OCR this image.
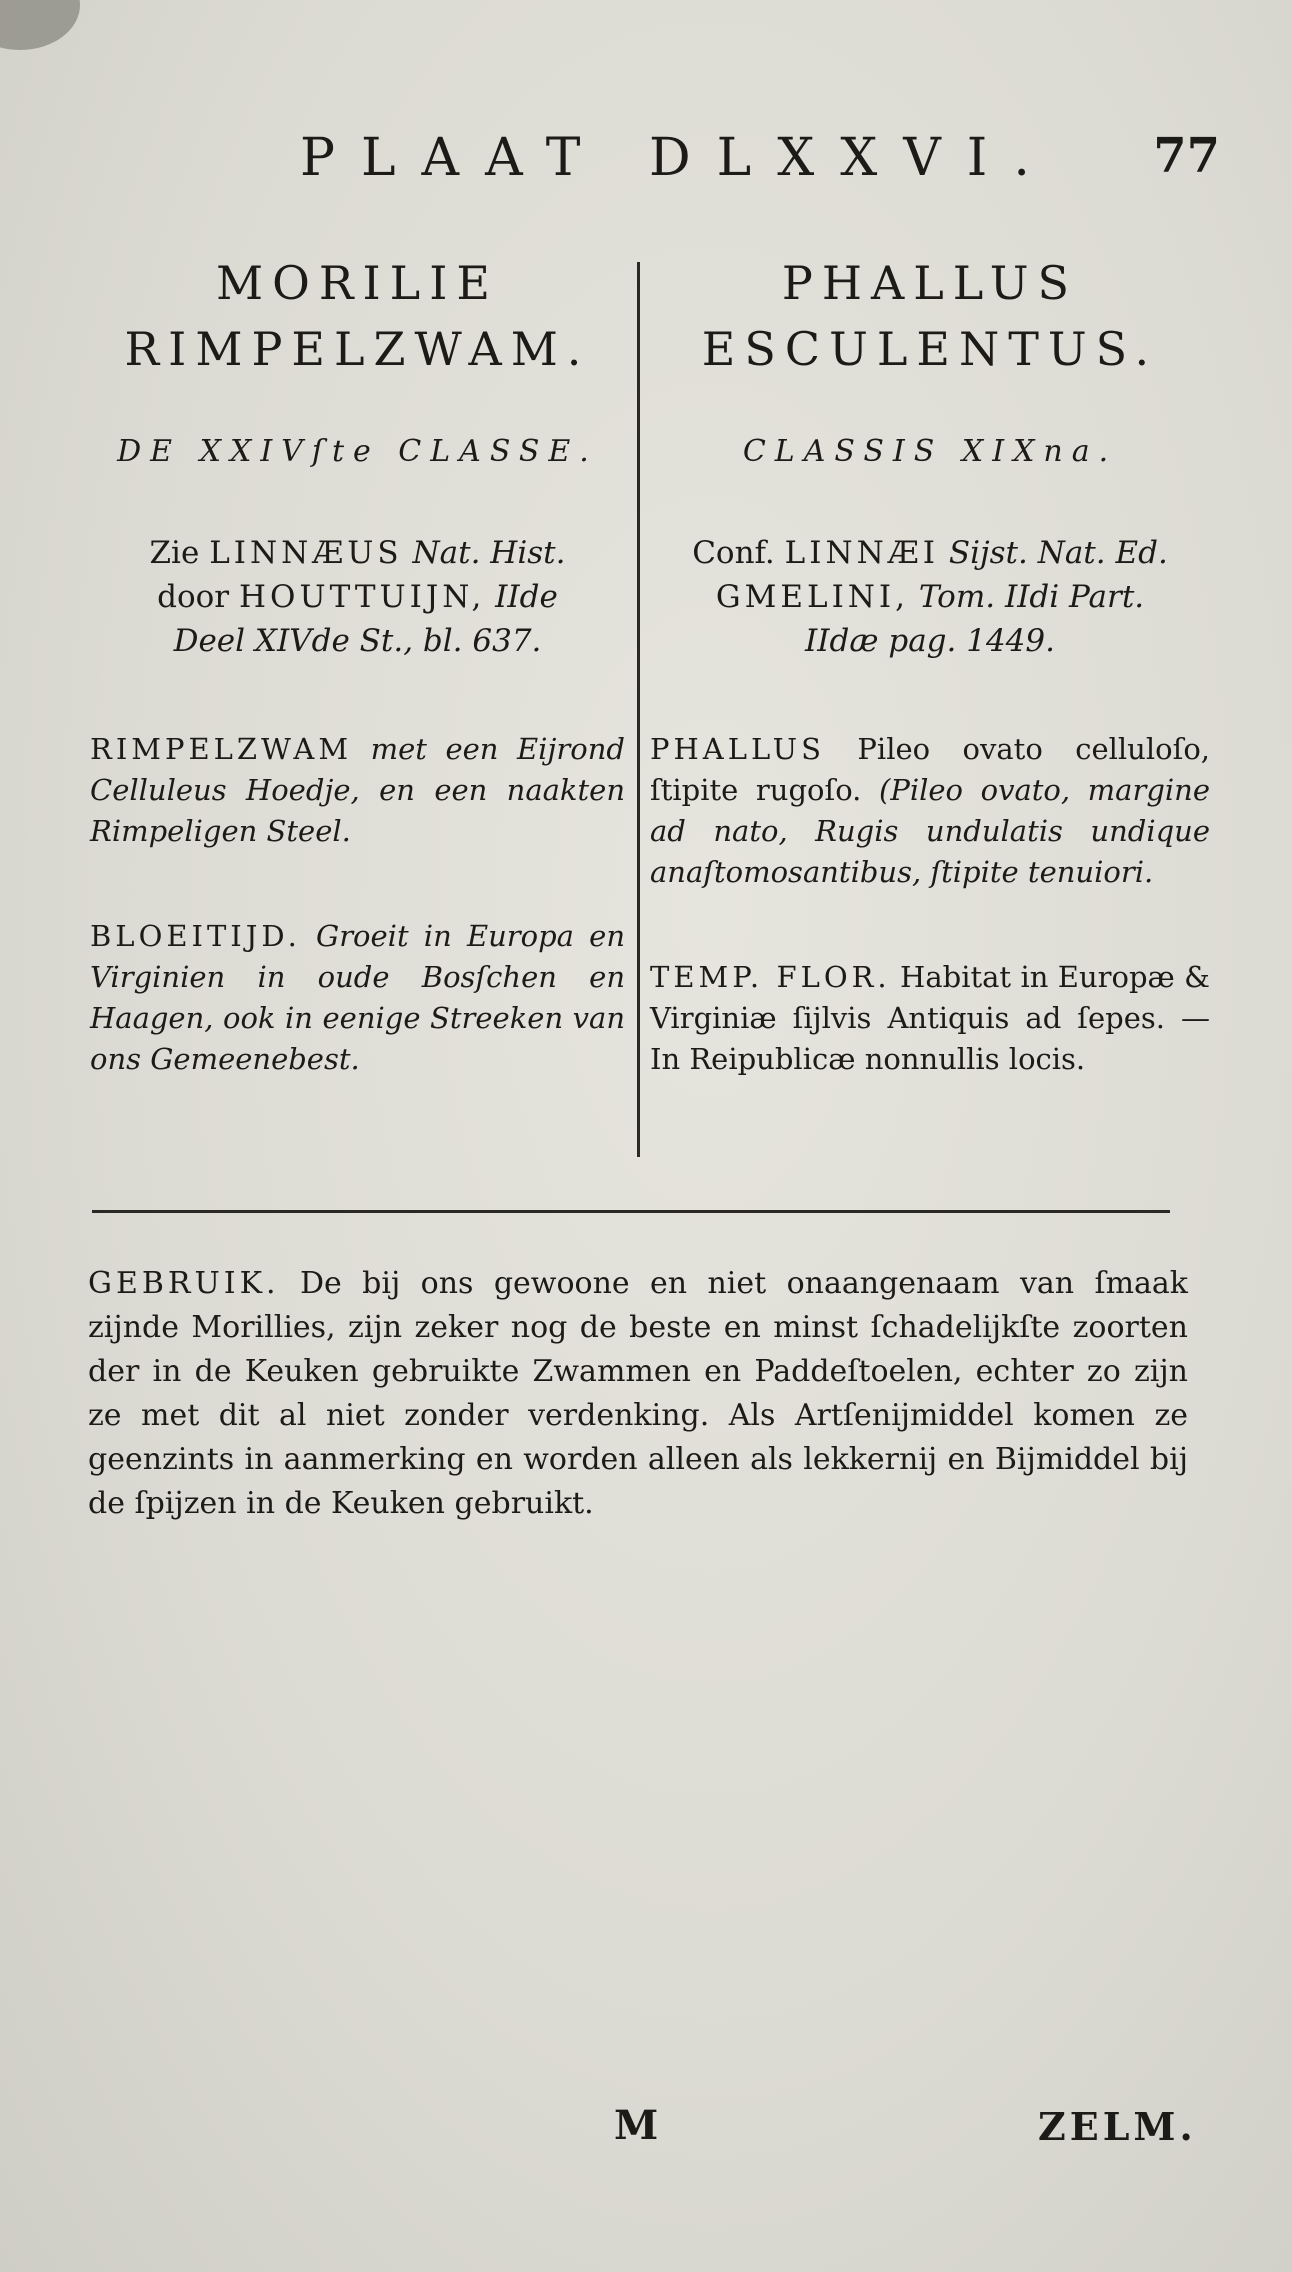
PLAAT DLXXVI. 77
MORILIE
RIMPELZWAM.
DE XXIVſte CLASSE.
Zie LINNÆUS Nat. Hist.
door HOUTTUIJN, IIde
Deel XIVde St., bl. 637.
RIMPELZWAM met een Eijrond Celluleus Hoedje, en een naakten Rimpeligen Steel.
BLOEITIJD. Groeit in Europa en Virginien in oude Bosſchen en Haagen, ook in eenige Streeken van ons Gemeenebest.
PHALLUS
ESCULENTUS.
CLASSIS XIXna.
Conf. LINNÆI Sijst. Nat. Ed.
GMELINI, Tom. IIdi Part.
IIdæ pag. 1449.
PHALLUS Pileo ovato celluloſo, ſtipite rugoſo. (Pileo ovato, margine ad nato, Rugis undulatis undique anaſtomosantibus, ſtipite tenuiori.
TEMP. FLOR. Habitat in Europæ & Virginiæ ſijlvis Antiquis ad ſepes. — In Reipublicæ nonnullis locis.
GEBRUIK. De bij ons gewoone en niet onaangenaam van ſmaak zijnde Morillies, zijn zeker nog de beste en minst ſchadelijkſte zoorten der in de Keuken gebruikte Zwammen en Paddeſtoelen, echter zo zijn ze met dit al niet zonder verdenking. Als Artſenijmiddel komen ze geenzints in aanmerking en worden alleen als lekkernij en Bijmiddel bij de ſpijzen in de Keuken gebruikt.
M	ZELM.
